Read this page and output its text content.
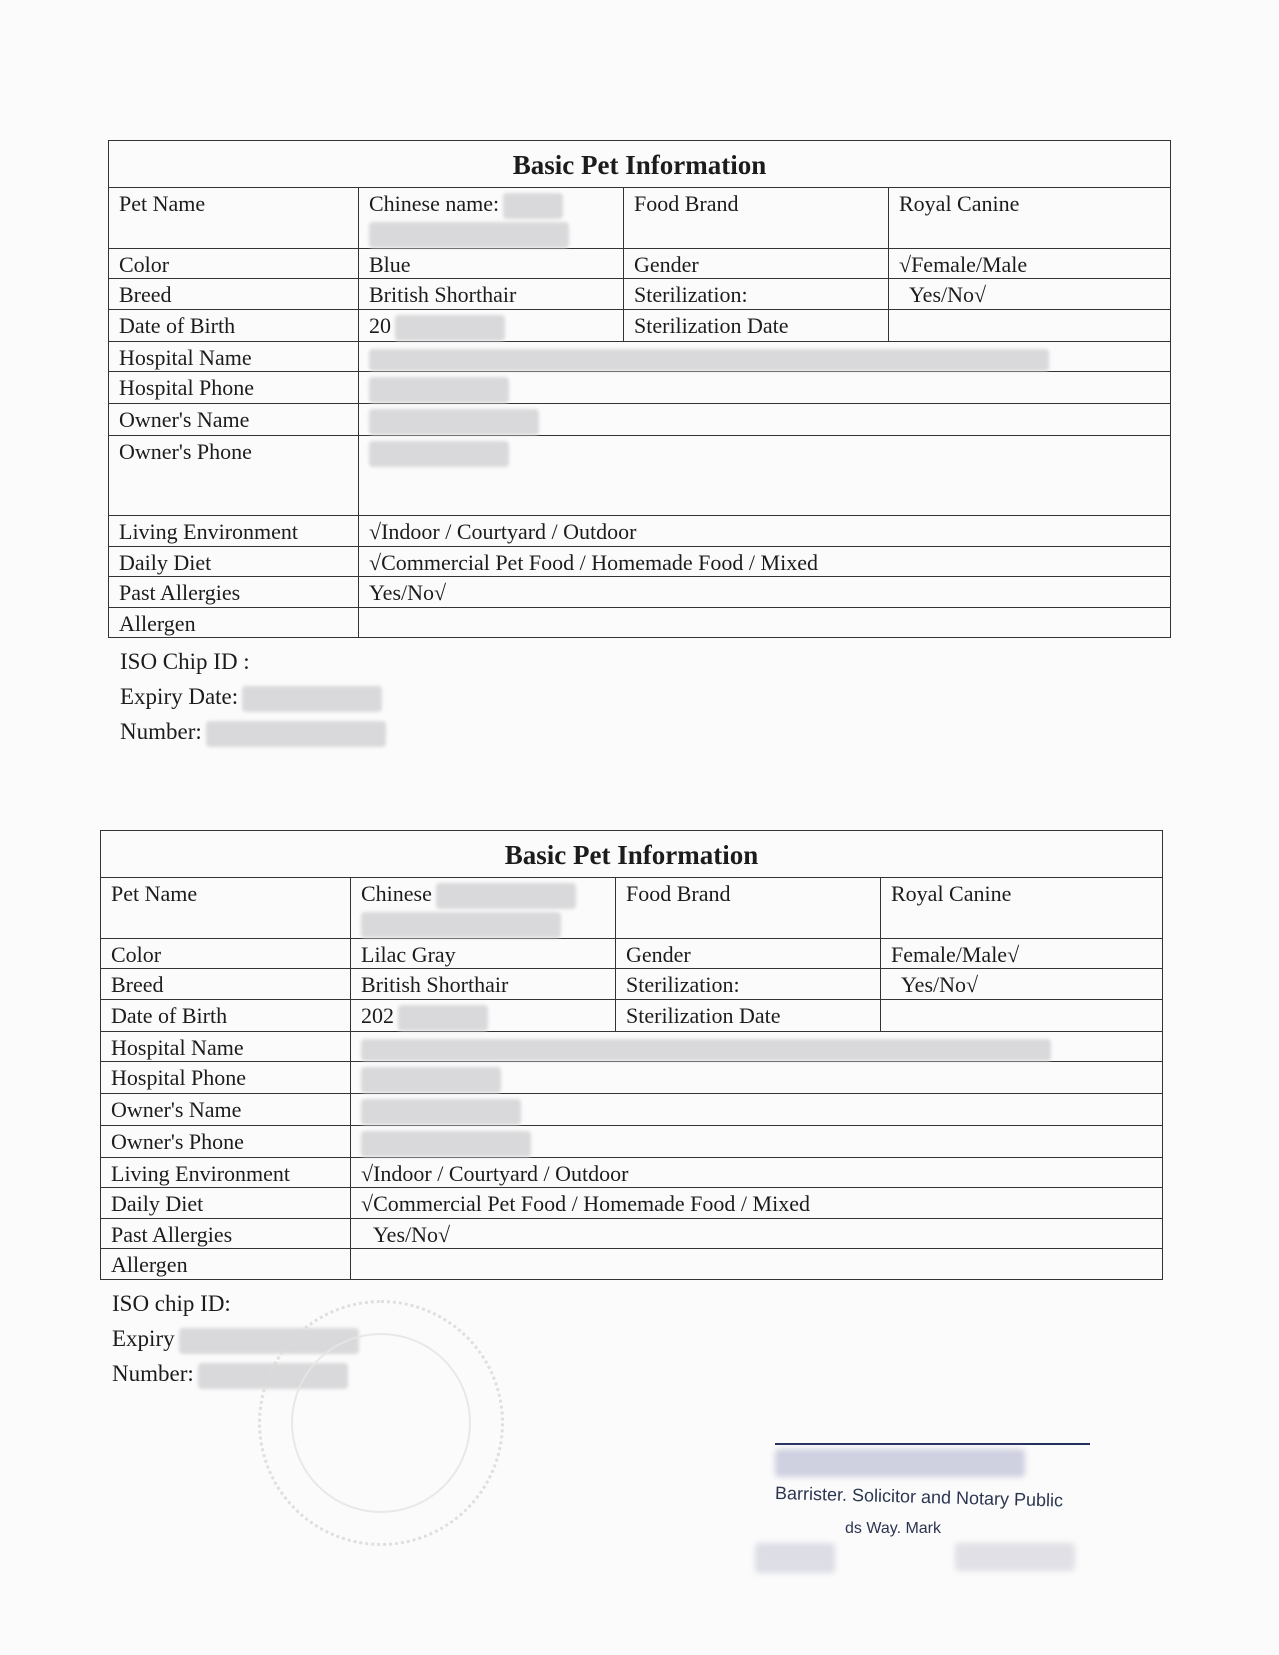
Basic Pet Information			
Pet Name	Chinese name:	Food Brand	Royal Canine
Color	Blue	Gender	√Female/Male
Breed	British Shorthair	Sterilization:	Yes/No√
Date of Birth	20	Sterilization Date	
Hospital Name			
Hospital Phone			
Owner's Name			
Owner's Phone			
Living Environment	√Indoor / Courtyard / Outdoor		
Daily Diet	√Commercial Pet Food / Homemade Food / Mixed		
Past Allergies	Yes/No√		
Allergen			
ISO Chip ID :
Expiry Date:
Number:
Basic Pet Information			
Pet Name	Chinese	Food Brand	Royal Canine
Color	Lilac Gray	Gender	Female/Male√
Breed	British Shorthair	Sterilization:	Yes/No√
Date of Birth	202	Sterilization Date	
Hospital Name			
Hospital Phone			
Owner's Name			
Owner's Phone			
Living Environment	√Indoor / Courtyard / Outdoor		
Daily Diet	√Commercial Pet Food / Homemade Food / Mixed		
Past Allergies	Yes/No√		
Allergen			
ISO chip ID:
Expiry
Number:
Barrister. Solicitor and Notary Public
ds Way. Mark
